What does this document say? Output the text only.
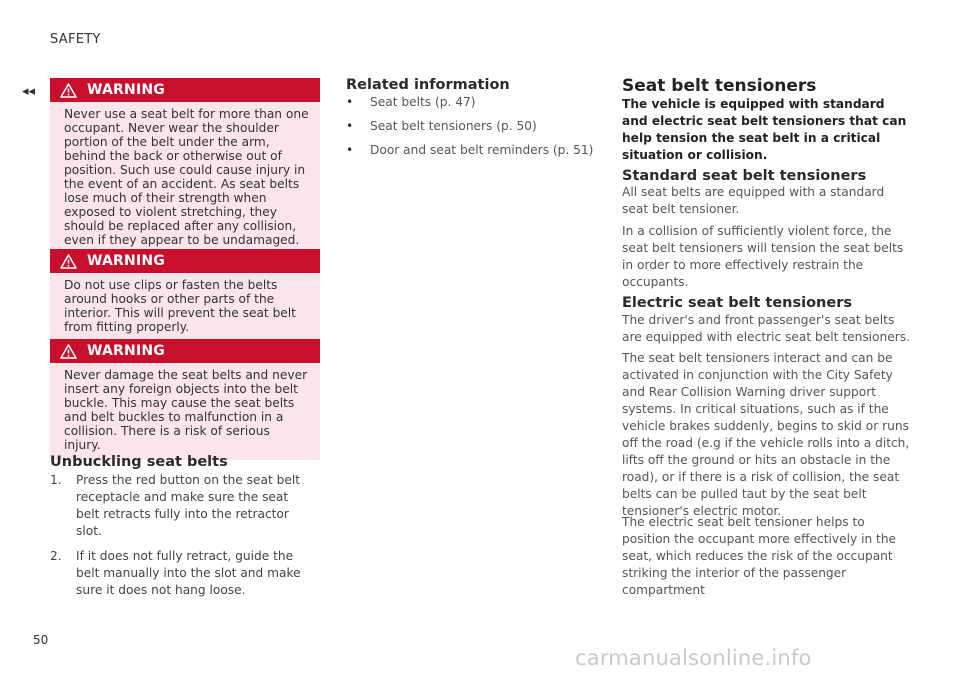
SAFETY
◂◂	WARNING
Never use a seat belt for more than one occupant. Never wear the shoulder portion of the belt under the arm, behind the back or otherwise out of position. Such use could cause injury in the event of an accident. As seat belts lose much of their strength when exposed to violent stretching, they should be replaced after any collision, even if they appear to be undamaged.
WARNING
Do not use clips or fasten the belts around hooks or other parts of the interior. This will prevent the seat belt from fitting properly.
WARNING
Never damage the seat belts and never insert any foreign objects into the belt buckle. This may cause the seat belts and belt buckles to malfunction in a collision. There is a risk of serious injury.
Unbuckling seat belts
1. Press the red button on the seat belt receptacle and make sure the seat belt retracts fully into the retractor slot.
2. If it does not fully retract, guide the belt manually into the slot and make sure it does not hang loose.
Related information
• Seat belts (p. 47)
• Seat belt tensioners (p. 50)
• Door and seat belt reminders (p. 51)
Seat belt tensioners
The vehicle is equipped with standard and electric seat belt tensioners that can help tension the seat belt in a critical situation or collision.
Standard seat belt tensioners

All seat belts are equipped with a standard seat belt tensioner.

In a collision of sufficiently violent force, the seat belt tensioners will tension the seat belts in order to more effectively restrain the occupants.

Electric seat belt tensioners

The driver's and front passenger's seat belts are equipped with electric seat belt tensioners.

The seat belt tensioners interact and can be activated in conjunction with the City Safety and Rear Collision Warning driver support systems. In critical situations, such as if the vehicle brakes suddenly, begins to skid or runs off the road (e.g if the vehicle rolls into a ditch, lifts off the ground or hits an obstacle in the road), or if there is a risk of collision, the seat belts can be pulled taut by the seat belt tensioner's electric motor.

The electric seat belt tensioner helps to position the occupant more effectively in the seat, which reduces the risk of the occupant striking the interior of the passenger compartment

50
carmanualsonline.info
